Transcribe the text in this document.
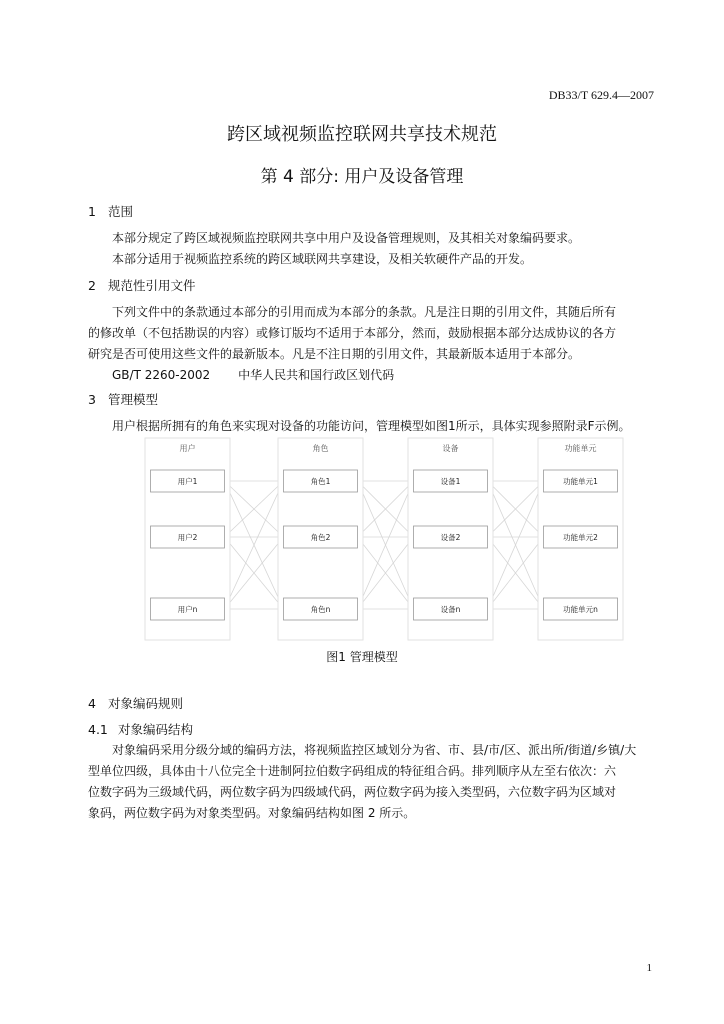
DB33/T 629.4—2007
跨区域视频监控联网共享技术规范
第 4 部分: 用户及设备管理
1 范围
本部分规定了跨区域视频监控联网共享中用户及设备管理规则，及其相关对象编码要求。
本部分适用于视频监控系统的跨区域联网共享建设，及相关软硬件产品的开发。
2 规范性引用文件

下列文件中的条款通过本部分的引用而成为本部分的条款。凡是注日期的引用文件，其随后所有

的修改单（不包括勘误的内容）或修订版均不适用于本部分，然而，鼓励根据本部分达成协议的各方

研究是否可使用这些文件的最新版本。凡是不注日期的引用文件，其最新版本适用于本部分。

GB/T 2260-2002 中华人民共和国行政区划代码
3 管理模型
用户根据所拥有的角色来实现对设备的功能访问，管理模型如图1所示，具体实现参照附录F示例。
用户
用户1
用户2
用户n
角色
角色1
角色2
角色n
设备
设备1
设备2
设备n
功能单元
功能单元1
功能单元2
功能单元n
图1 管理模型
4 对象编码规则
4.1 对象编码结构

对象编码采用分级分域的编码方法，将视频监控区域划分为省、市、县/市/区、派出所/街道/乡镇/大

型单位四级，具体由十八位完全十进制阿拉伯数字码组成的特征组合码。排列顺序从左至右依次：六

位数字码为三级域代码，两位数字码为四级域代码，两位数字码为接入类型码，六位数字码为区域对

象码，两位数字码为对象类型码。对象编码结构如图 2 所示。

1
